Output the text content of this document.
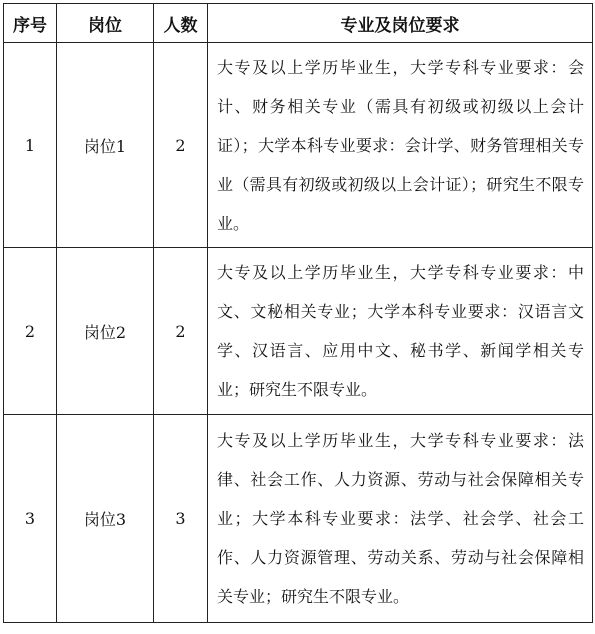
序号	岗位	人数	专业及岗位要求
1	岗位1	2	大专及以上学历毕业生，大学专科专业要求：会计、财务相关专业（需具有初级或初级以上会计证）；大学本科专业要求：会计学、财务管理相关专业（需具有初级或初级以上会计证）；研究生不限专业。
2	岗位2	2	大专及以上学历毕业生，大学专科专业要求：中文、文秘相关专业；大学本科专业要求：汉语言文学、汉语言、应用中文、秘书学、新闻学相关专业；研究生不限专业。
3	岗位3	3	大专及以上学历毕业生，大学专科专业要求：法律、社会工作、人力资源、劳动与社会保障相关专业；大学本科专业要求：法学、社会学、社会工作、人力资源管理、劳动关系、劳动与社会保障相关专业；研究生不限专业。
